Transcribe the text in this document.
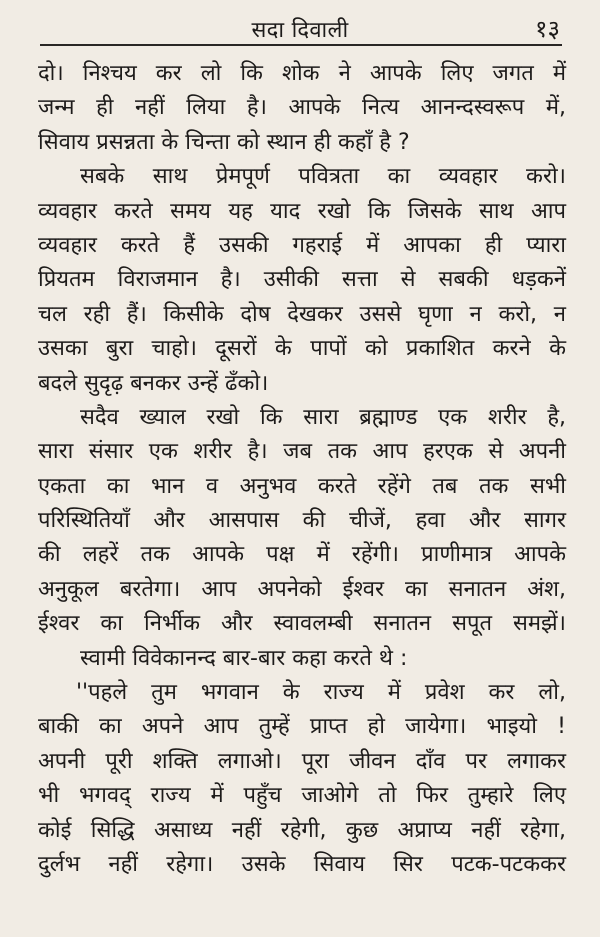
सदा दिवाली	१३
दो। निश्चय कर लो कि शोक ने आपके लिए जगत में
जन्म ही नहीं लिया है। आपके नित्य आनन्दस्वरूप में,
सिवाय प्रसन्नता के चिन्ता को स्थान ही कहाँ है ?
सबके साथ प्रेमपूर्ण पवित्रता का व्यवहार करो।
व्यवहार करते समय यह याद रखो कि जिसके साथ आप
व्यवहार करते हैं उसकी गहराई में आपका ही प्यारा
प्रियतम विराजमान है। उसीकी सत्ता से सबकी धड़कनें
चल रही हैं। किसीके दोष देखकर उससे घृणा न करो, न
उसका बुरा चाहो। दूसरों के पापों को प्रकाशित करने के
बदले सुदृढ़ बनकर उन्हें ढँको।
सदैव ख्याल रखो कि सारा ब्रह्माण्ड एक शरीर है,
सारा संसार एक शरीर है। जब तक आप हरएक से अपनी
एकता का भान व अनुभव करते रहेंगे तब तक सभी
परिस्थितियाँ और आसपास की चीजें, हवा और सागर
की लहरें तक आपके पक्ष में रहेंगी। प्राणीमात्र आपके
अनुकूल बरतेगा। आप अपनेको ईश्वर का सनातन अंश,
ईश्वर का निर्भीक और स्वावलम्बी सनातन सपूत समझें।
स्वामी विवेकानन्द बार-बार कहा करते थे :
''पहले तुम भगवान के राज्य में प्रवेश कर लो,
बाकी का अपने आप तुम्हें प्राप्त हो जायेगा। भाइयो !
अपनी पूरी शक्ति लगाओ। पूरा जीवन दाँव पर लगाकर
भी भगवद् राज्य में पहुँच जाओगे तो फिर तुम्हारे लिए
कोई सिद्धि असाध्य नहीं रहेगी, कुछ अप्राप्य नहीं रहेगा,
दुर्लभ नहीं रहेगा। उसके सिवाय सिर पटक-पटककर
